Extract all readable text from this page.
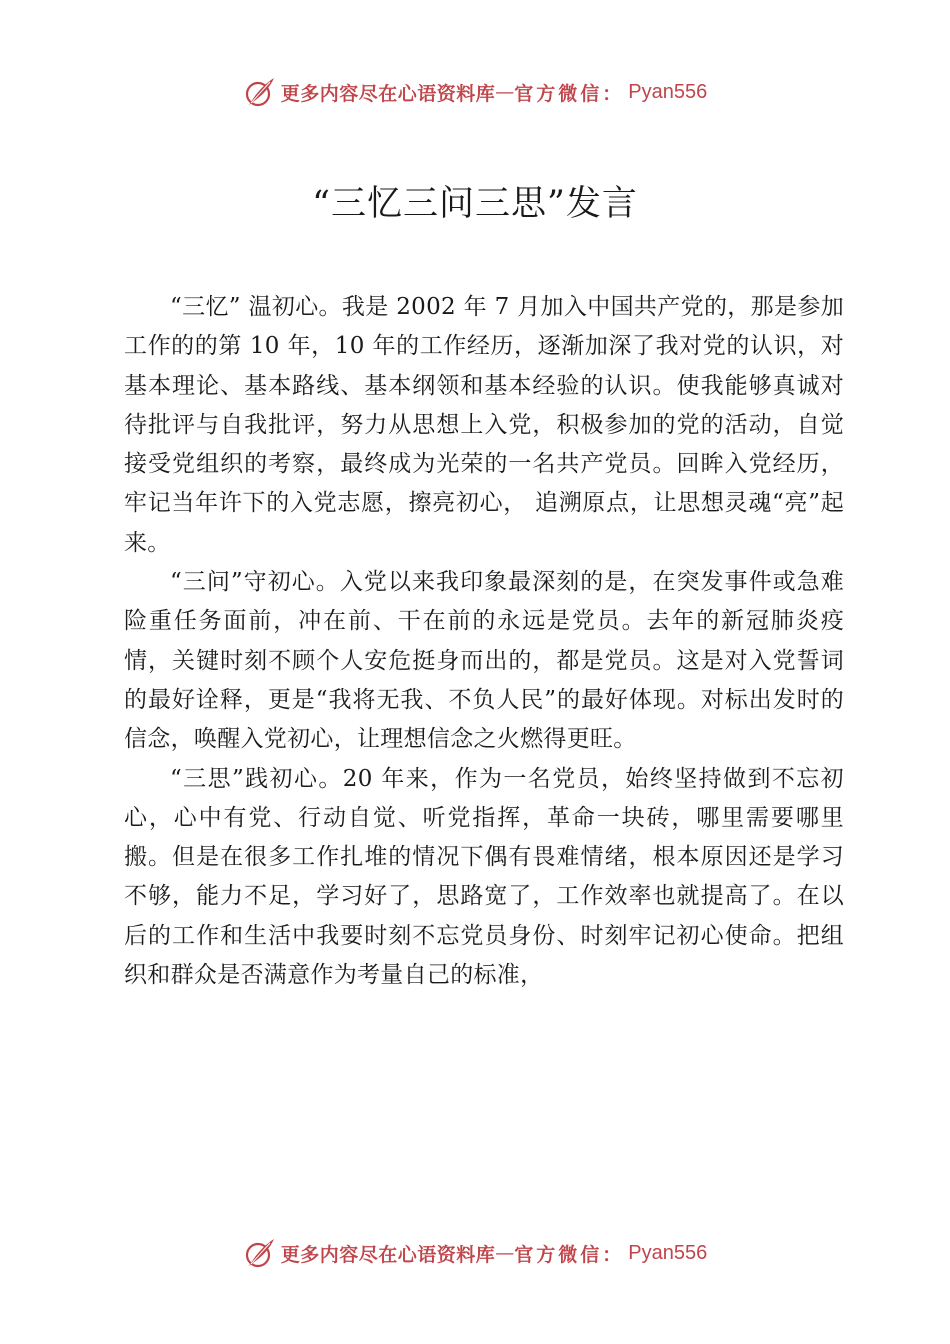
更多内容尽在心语资料库 — 官方微信： Pyan556
“三忆三问三思”发言

“三忆” 温初心。我是 2002 年 7 月加入中国共产党的，那是参加工作的的第 10 年，10 年的工作经历，逐渐加深了我对党的认识，对基本理论、基本路线、基本纲领和基本经验的认识。使我能够真诚对待批评与自我批评，努力从思想上入党，积极参加的党的活动，自觉接受党组织的考察，最终成为光荣的一名共产党员。回眸入党经历，牢记当年许下的入党志愿，擦亮初心， 追溯原点，让思想灵魂“亮”起来。

“三问”守初心。入党以来我印象最深刻的是，在突发事件或急难险重任务面前，冲在前、干在前的永远是党员。去年的新冠肺炎疫情，关键时刻不顾个人安危挺身而出的，都是党员。这是对入党誓词的最好诠释，更是“我将无我、不负人民”的最好体现。对标出发时的信念，唤醒入党初心，让理想信念之火燃得更旺。

“三思”践初心。20 年来，作为一名党员，始终坚持做到不忘初心，心中有党、行动自觉、听党指挥，革命一块砖，哪里需要哪里搬。但是在很多工作扎堆的情况下偶有畏难情绪，根本原因还是学习不够，能力不足，学习好了，思路宽了，工作效率也就提高了。在以后的工作和生活中我要时刻不忘党员身份、时刻牢记初心使命。把组织和群众是否满意作为考量自己的标准，

更多内容尽在心语资料库 — 官方微信： Pyan556
